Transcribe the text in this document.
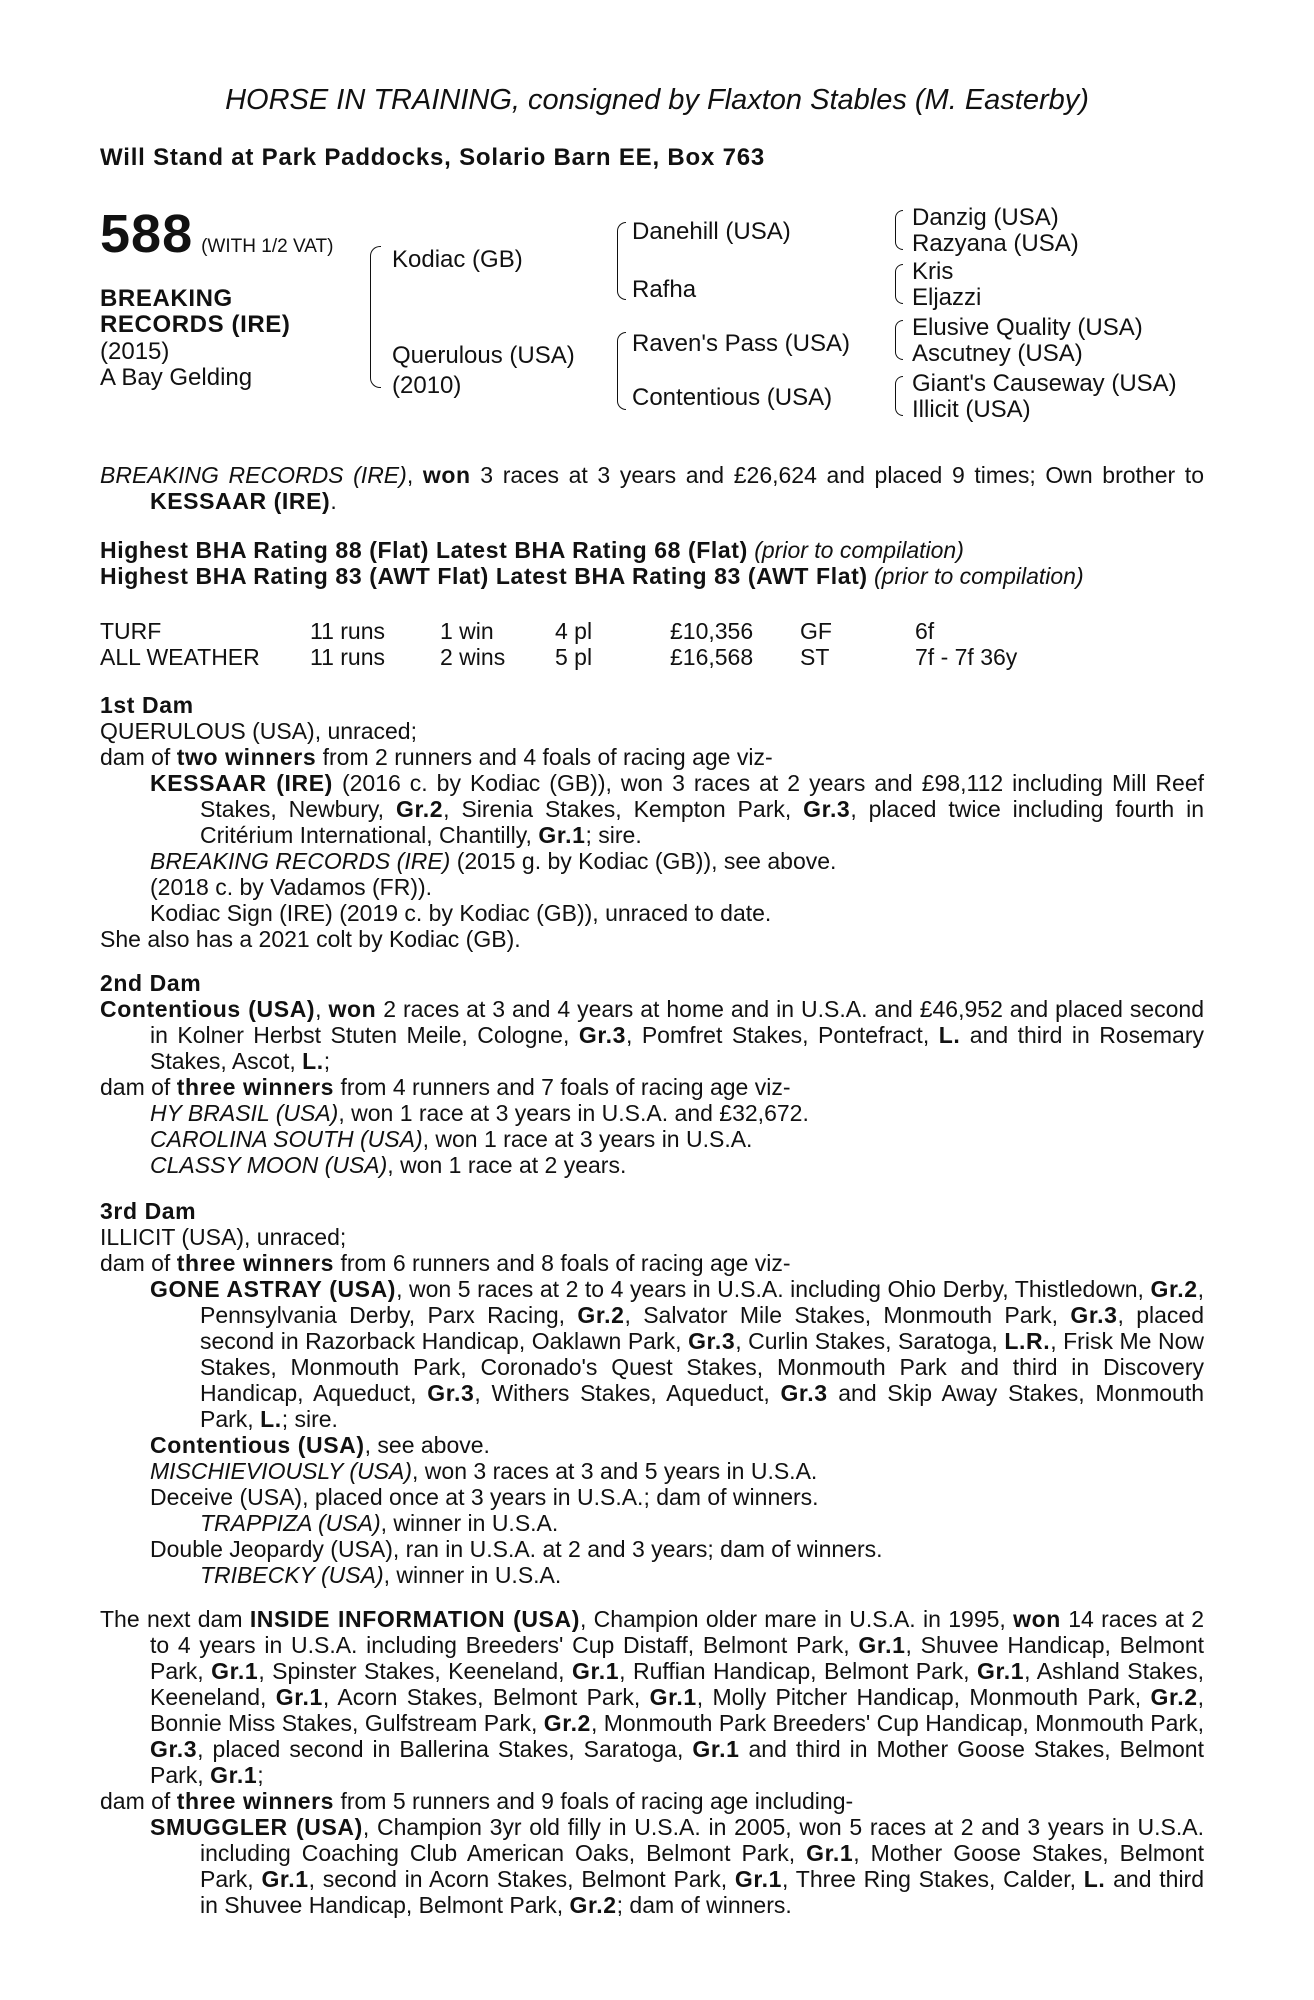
HORSE IN TRAINING, consigned by Flaxton Stables (M. Easterby)
Will Stand at Park Paddocks, Solario Barn EE, Box 763
588 (WITH 1/2 VAT)
BREAKING
RECORDS (IRE)
(2015)
A Bay Gelding
Kodiac (GB)
Querulous (USA)
(2010)
Danehill (USA)
Rafha
Raven's Pass (USA)
Contentious (USA)
Danzig (USA)
Razyana (USA)
Kris
Eljazzi
Elusive Quality (USA)
Ascutney (USA)
Giant's Causeway (USA)
Illicit (USA)

BREAKING RECORDS (IRE), won 3 races at 3 years and £26,624 and placed 9 times; Own brother to KESSAAR (IRE).

Highest BHA Rating 88 (Flat) Latest BHA Rating 68 (Flat) (prior to compilation)

Highest BHA Rating 83 (AWT Flat) Latest BHA Rating 83 (AWT Flat) (prior to compilation)

TURF	11 runs	1 win	4 pl	£10,356	GF	6f
ALL WEATHER	11 runs	2 wins	5 pl	£16,568	ST	7f - 7f 36y
1st Dam
QUERULOUS (USA), unraced;
dam of two winners from 2 runners and 4 foals of racing age viz-

KESSAAR (IRE) (2016 c. by Kodiac (GB)), won 3 races at 2 years and £98,112 including Mill Reef Stakes, Newbury, Gr.2, Sirenia Stakes, Kempton Park, Gr.3, placed twice including fourth in Critérium International, Chantilly, Gr.1; sire.

BREAKING RECORDS (IRE) (2015 g. by Kodiac (GB)), see above.
(2018 c. by Vadamos (FR)).
Kodiac Sign (IRE) (2019 c. by Kodiac (GB)), unraced to date.
She also has a 2021 colt by Kodiac (GB).
2nd Dam

Contentious (USA), won 2 races at 3 and 4 years at home and in U.S.A. and £46,952 and placed second in Kolner Herbst Stuten Meile, Cologne, Gr.3, Pomfret Stakes, Pontefract, L. and third in Rosemary Stakes, Ascot, L.;

dam of three winners from 4 runners and 7 foals of racing age viz-
HY BRASIL (USA), won 1 race at 3 years in U.S.A. and £32,672.
CAROLINA SOUTH (USA), won 1 race at 3 years in U.S.A.
CLASSY MOON (USA), won 1 race at 2 years.
3rd Dam
ILLICIT (USA), unraced;
dam of three winners from 6 runners and 8 foals of racing age viz-

GONE ASTRAY (USA), won 5 races at 2 to 4 years in U.S.A. including Ohio Derby, Thistledown, Gr.2, Pennsylvania Derby, Parx Racing, Gr.2, Salvator Mile Stakes, Monmouth Park, Gr.3, placed second in Razorback Handicap, Oaklawn Park, Gr.3, Curlin Stakes, Saratoga, L.R., Frisk Me Now Stakes, Monmouth Park, Coronado's Quest Stakes, Monmouth Park and third in Discovery Handicap, Aqueduct, Gr.3, Withers Stakes, Aqueduct, Gr.3 and Skip Away Stakes, Monmouth Park, L.; sire.

Contentious (USA), see above.
MISCHIEVIOUSLY (USA), won 3 races at 3 and 5 years in U.S.A.
Deceive (USA), placed once at 3 years in U.S.A.; dam of winners.
TRAPPIZA (USA), winner in U.S.A.
Double Jeopardy (USA), ran in U.S.A. at 2 and 3 years; dam of winners.
TRIBECKY (USA), winner in U.S.A.

The next dam INSIDE INFORMATION (USA), Champion older mare in U.S.A. in 1995, won 14 races at 2 to 4 years in U.S.A. including Breeders' Cup Distaff, Belmont Park, Gr.1, Shuvee Handicap, Belmont Park, Gr.1, Spinster Stakes, Keeneland, Gr.1, Ruffian Handicap, Belmont Park, Gr.1, Ashland Stakes, Keeneland, Gr.1, Acorn Stakes, Belmont Park, Gr.1, Molly Pitcher Handicap, Monmouth Park, Gr.2, Bonnie Miss Stakes, Gulfstream Park, Gr.2, Monmouth Park Breeders' Cup Handicap, Monmouth Park, Gr.3, placed second in Ballerina Stakes, Saratoga, Gr.1 and third in Mother Goose Stakes, Belmont Park, Gr.1;

dam of three winners from 5 runners and 9 foals of racing age including-

SMUGGLER (USA), Champion 3yr old filly in U.S.A. in 2005, won 5 races at 2 and 3 years in U.S.A. including Coaching Club American Oaks, Belmont Park, Gr.1, Mother Goose Stakes, Belmont Park, Gr.1, second in Acorn Stakes, Belmont Park, Gr.1, Three Ring Stakes, Calder, L. and third in Shuvee Handicap, Belmont Park, Gr.2; dam of winners.
